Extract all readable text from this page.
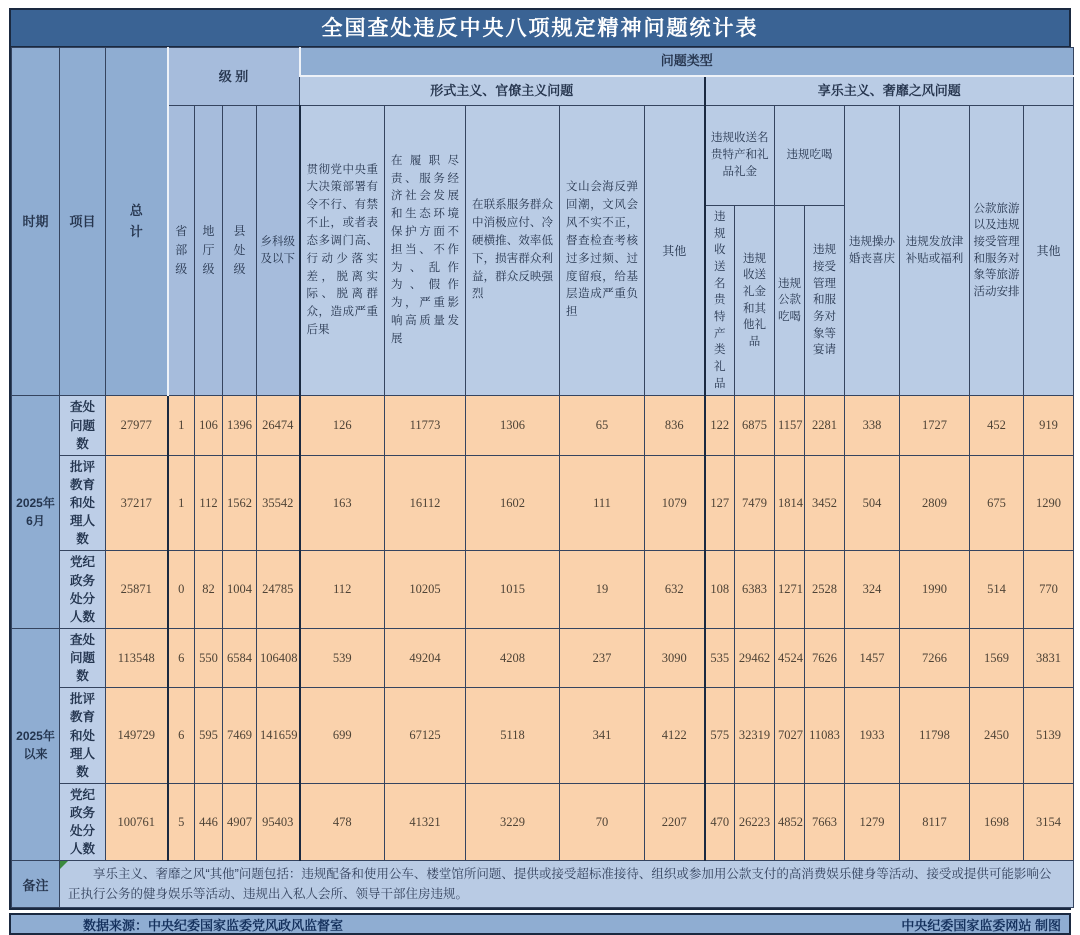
全国查处违反中央八项规定精神问题统计表
时期	项目	总计	级 别				问题类型												
							形式主义、官僚主义问题					享乐主义、奢靡之风问题							
			省部级	地厅级	县处级	乡科级及以下	贯彻党中央重大决策部署有令不行、有禁不止，或者表态多调门高、行动少落实差，脱离实际、脱离群众，造成严重后果	在履职尽责、服务经济社会发展和生态环境保护方面不担当、不作为、乱作为、假作为，严重影响高质量发展	在联系服务群众中消极应付、冷硬横推、效率低下，损害群众利益，群众反映强烈	文山会海反弹回潮，文风会风不实不正，督查检查考核过多过频、过度留痕，给基层造成严重负担	其他	违规收送名贵特产和礼品礼金		违规吃喝		违规操办婚丧喜庆	违规发放津补贴或福利	公款旅游以及违规接受管理和服务对象等旅游活动安排	其他
												违规收送名贵特产类礼品	违规收送礼金和其他礼品	违规公款吃喝	违规接受管理和服务对象等宴请				
2025年6月	查处问题数	27977	1	106	1396	26474	126	11773	1306	65	836	122	6875	1157	2281	338	1727	452	919
	批评教育和处理人数	37217	1	112	1562	35542	163	16112	1602	111	1079	127	7479	1814	3452	504	2809	675	1290
	党纪政务处分人数	25871	0	82	1004	24785	112	10205	1015	19	632	108	6383	1271	2528	324	1990	514	770
2025年以来	查处问题数	113548	6	550	6584	106408	539	49204	4208	237	3090	535	29462	4524	7626	1457	7266	1569	3831
	批评教育和处理人数	149729	6	595	7469	141659	699	67125	5118	341	4122	575	32319	7027	11083	1933	11798	2450	5139
	党纪政务处分人数	100761	5	446	4907	95403	478	41321	3229	70	2207	470	26223	4852	7663	1279	8117	1698	3154
备注	享乐主义、奢靡之风“其他”问题包括：违规配备和使用公车、楼堂馆所问题、提供或接受超标准接待、组织或参加用公款支付的高消费娱乐健身等活动、接受或提供可能影响公正执行公务的健身娱乐等活动、违规出入私人会所、领导干部住房违规。																		

数据来源：中央纪委国家监委党风政风监督室	中央纪委国家监委网站 制图
